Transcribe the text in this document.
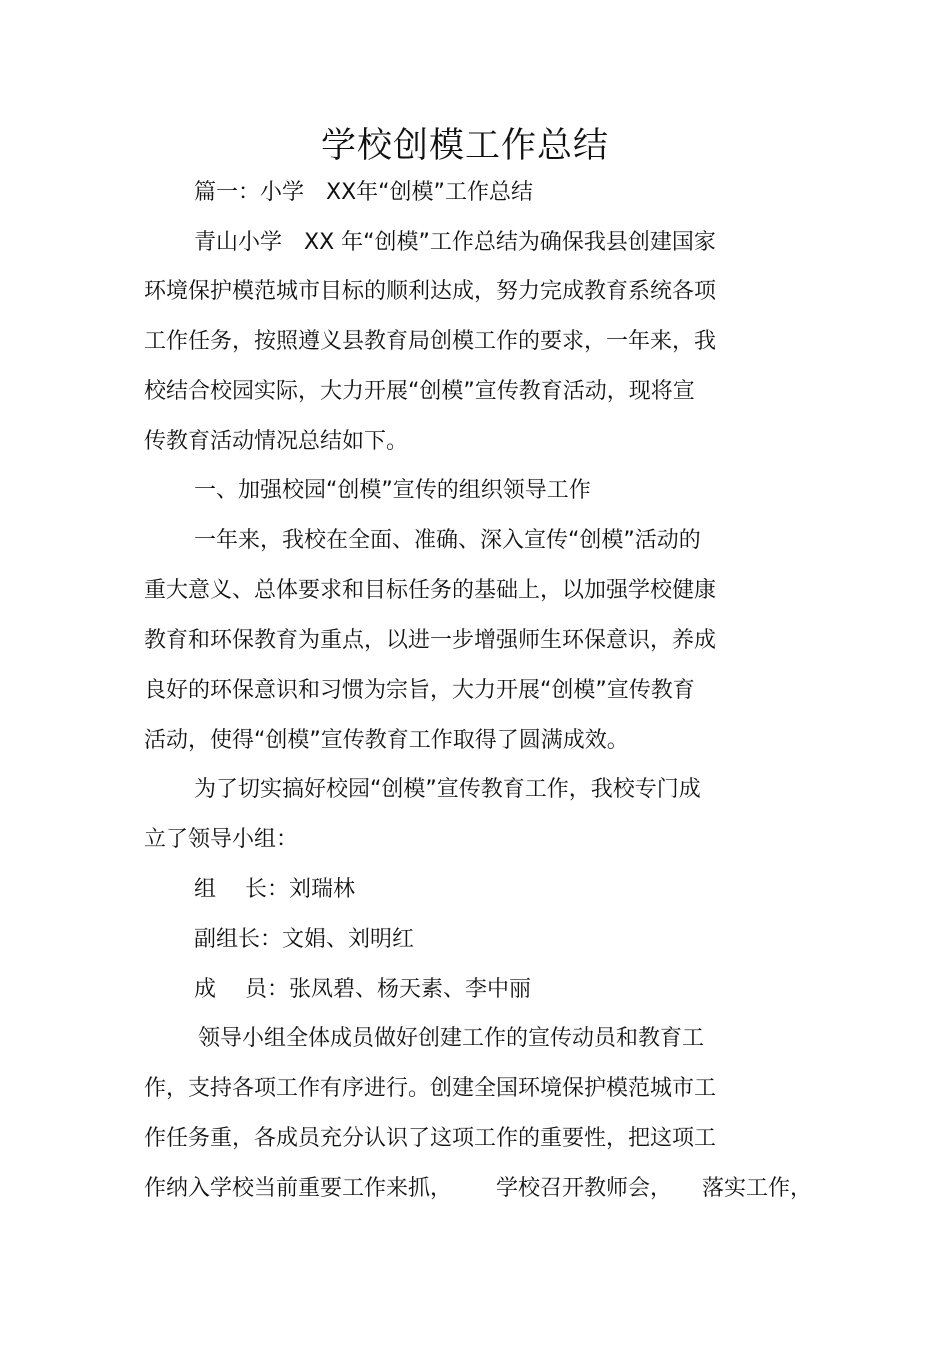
学校创模工作总结
篇一：小学　XX年“创模”工作总结
青山小学　XX 年“创模”工作总结为确保我县创建国家
环境保护模范城市目标的顺利达成，努力完成教育系统各项
工作任务，按照遵义县教育局创模工作的要求，一年来，我
校结合校园实际，大力开展“创模”宣传教育活动，现将宣
传教育活动情况总结如下。
一、加强校园“创模”宣传的组织领导工作
一年来，我校在全面、准确、深入宣传“创模”活动的
重大意义、总体要求和目标任务的基础上，以加强学校健康
教育和环保教育为重点，以进一步增强师生环保意识，养成
良好的环保意识和习惯为宗旨，大力开展“创模”宣传教育
活动，使得“创模”宣传教育工作取得了圆满成效。
为了切实搞好校园“创模”宣传教育工作，我校专门成
立了领导小组：
组　 长：刘瑞林
副组长：文娟、刘明红
成　 员：张凤碧、杨天素、李中丽
领导小组全体成员做好创建工作的宣传动员和教育工
作，支持各项工作有序进行。创建全国环境保护模范城市工
作任务重，各成员充分认识了这项工作的重要性，把这项工
作纳入学校当前重要工作来抓， 学校召开教师会， 落实工作，
